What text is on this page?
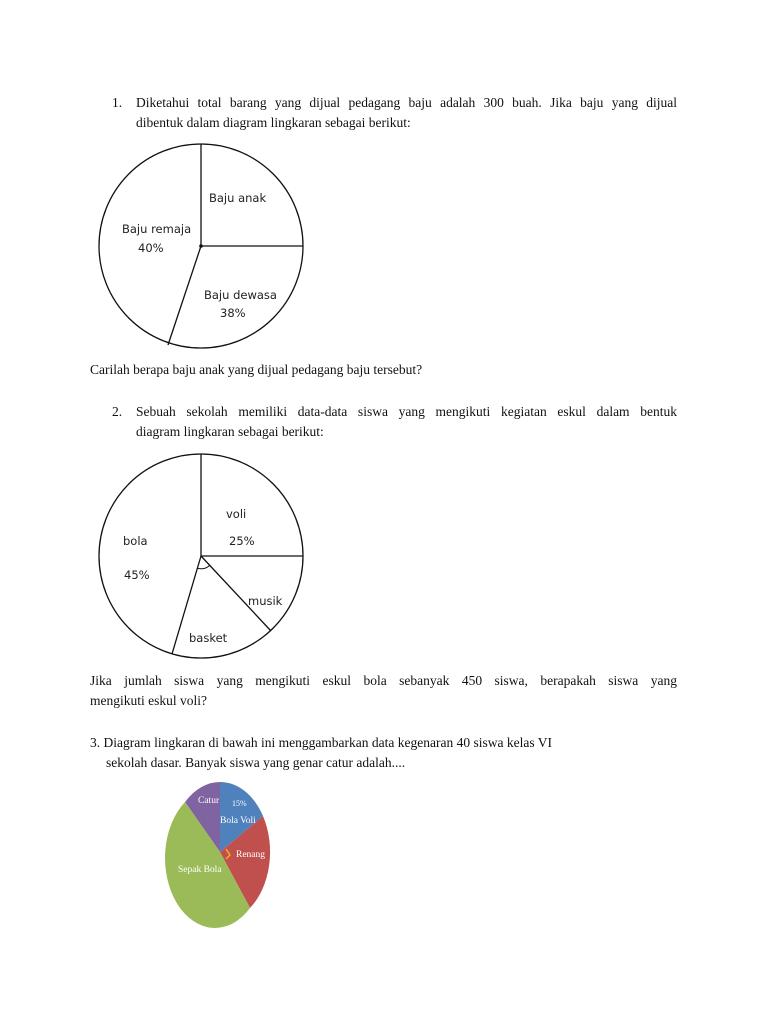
1. Diketahui total barang yang dijual pedagang baju adalah 300 buah. Jika baju yang dijual
dibentuk dalam diagram lingkaran sebagai berikut:
Baju anak
Baju remaja
40%
Baju dewasa
38%
Carilah berapa baju anak yang dijual pedagang baju tersebut?
2. Sebuah sekolah memiliki data-data siswa yang mengikuti kegiatan eskul dalam bentuk
diagram lingkaran sebagai berikut:
voli
25%
bola
45%
musik
basket
Jika jumlah siswa yang mengikuti eskul bola sebanyak 450 siswa, berapakah siswa yang
mengikuti eskul voli?
3. Diagram lingkaran di bawah ini menggambarkan data kegenaran 40 siswa kelas VI
sekolah dasar. Banyak siswa yang genar catur adalah....
Catur 15%
Bola Voli
Renang
Sepak Bola
